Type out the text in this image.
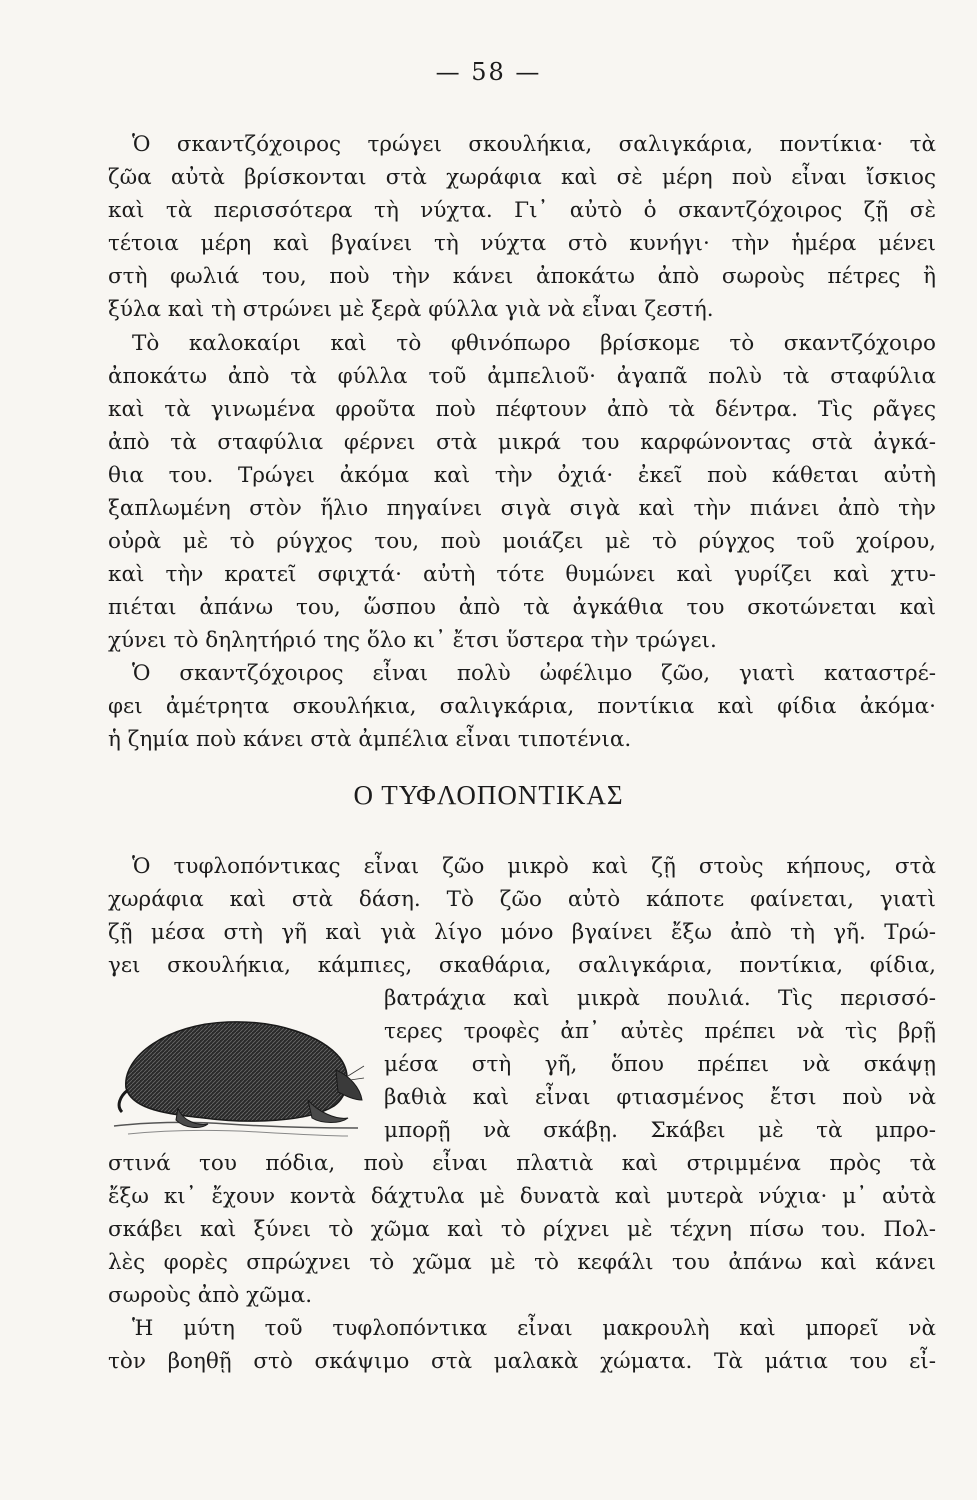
— 58 —
Ὁ σκαντζόχοιρος τρώγει σκουλήκια, σαλιγκάρια, ποντίκια· τὰ
ζῶα αὐτὰ βρίσκονται στὰ χωράφια καὶ σὲ μέρη ποὺ εἶναι ἴσκιος
καὶ τὰ περισσότερα τὴ νύχτα. Γι᾿ αὐτὸ ὁ σκαντζόχοιρος ζῇ σὲ
τέτοια μέρη καὶ βγαίνει τὴ νύχτα στὸ κυνήγι· τὴν ἡμέρα μένει
στὴ φωλιά του, ποὺ τὴν κάνει ἀποκάτω ἀπὸ σωροὺς πέτρες ἢ
ξύλα καὶ τὴ στρώνει μὲ ξερὰ φύλλα γιὰ νὰ εἶναι ζεστή.
Τὸ καλοκαίρι καὶ τὸ φθινόπωρο βρίσκομε τὸ σκαντζόχοιρο
ἀποκάτω ἀπὸ τὰ φύλλα τοῦ ἀμπελιοῦ· ἀγαπᾶ πολὺ τὰ σταφύλια
καὶ τὰ γινωμένα φροῦτα ποὺ πέφτουν ἀπὸ τὰ δέντρα. Τὶς ρᾶγες
ἀπὸ τὰ σταφύλια φέρνει στὰ μικρά του καρφώνοντας στὰ ἀγκά-
θια του. Τρώγει ἀκόμα καὶ τὴν ὀχιά· ἐκεῖ ποὺ κάθεται αὐτὴ
ξαπλωμένη στὸν ἥλιο πηγαίνει σιγὰ σιγὰ καὶ τὴν πιάνει ἀπὸ τὴν
οὐρὰ μὲ τὸ ρύγχος του, ποὺ μοιάζει μὲ τὸ ρύγχος τοῦ χοίρου,
καὶ τὴν κρατεῖ σφιχτά· αὐτὴ τότε θυμώνει καὶ γυρίζει καὶ χτυ-
πιέται ἀπάνω του, ὥσπου ἀπὸ τὰ ἀγκάθια του σκοτώνεται καὶ
χύνει τὸ δηλητήριό της ὅλο κι᾿ ἔτσι ὕστερα τὴν τρώγει.
Ὁ σκαντζόχοιρος εἶναι πολὺ ὠφέλιμο ζῶο, γιατὶ καταστρέ-
φει ἀμέτρητα σκουλήκια, σαλιγκάρια, ποντίκια καὶ φίδια ἀκόμα·
ἡ ζημία ποὺ κάνει στὰ ἀμπέλια εἶναι τιποτένια.
Ο ΤΥΦΛΟΠΟΝΤΙΚΑΣ
Ὁ τυφλοπόντικας εἶναι ζῶο μικρὸ καὶ ζῇ στοὺς κήπους, στὰ
χωράφια καὶ στὰ δάση. Τὸ ζῶο αὐτὸ κάποτε φαίνεται, γιατὶ
ζῇ μέσα στὴ γῆ καὶ γιὰ λίγο μόνο βγαίνει ἔξω ἀπὸ τὴ γῆ. Τρώ-
γει σκουλήκια, κάμπιες, σκαθάρια, σαλιγκάρια, ποντίκια, φίδια,
βατράχια καὶ μικρὰ πουλιά. Τὶς περισσό-
τερες τροφὲς ἀπ᾿ αὐτὲς πρέπει νὰ τὶς βρῇ
μέσα στὴ γῆ, ὅπου πρέπει νὰ σκάψῃ
βαθιὰ καὶ εἶναι φτιασμένος ἔτσι ποὺ νὰ
μπορῇ νὰ σκάβῃ. Σκάβει μὲ τὰ μπρο-
στινά του πόδια, ποὺ εἶναι πλατιὰ καὶ στριμμένα πρὸς τὰ
ἔξω κι᾿ ἔχουν κοντὰ δάχτυλα μὲ δυνατὰ καὶ μυτερὰ νύχια· μ᾿ αὐτὰ
σκάβει καὶ ξύνει τὸ χῶμα καὶ τὸ ρίχνει μὲ τέχνη πίσω του. Πολ-
λὲς φορὲς σπρώχνει τὸ χῶμα μὲ τὸ κεφάλι του ἀπάνω καὶ κάνει
σωροὺς ἀπὸ χῶμα.
Ἡ μύτη τοῦ τυφλοπόντικα εἶναι μακρουλὴ καὶ μπορεῖ νὰ
τὸν βοηθῇ στὸ σκάψιμο στὰ μαλακὰ χώματα. Τὰ μάτια του εἶ-
